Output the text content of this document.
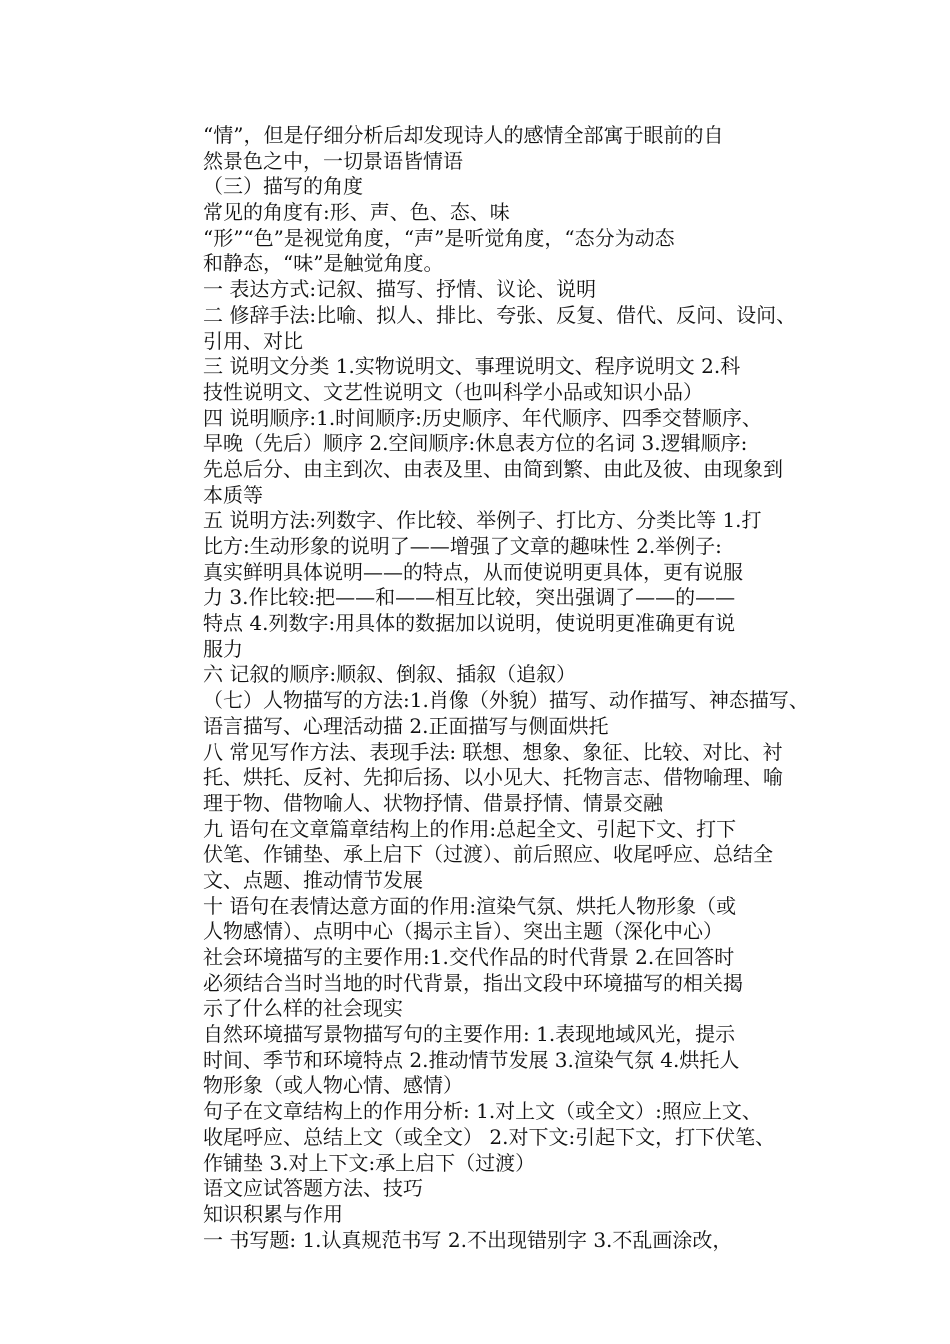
“情”，但是仔细分析后却发现诗人的感情全部寓于眼前的自
然景色之中，一切景语皆情语
（三）描写的角度
常见的角度有:形、声、色、态、味
“形”“色”是视觉角度，“声”是听觉角度，“态分为动态
和静态，“味”是触觉角度。
一 表达方式:记叙、描写、抒情、议论、说明
二 修辞手法:比喻、拟人、排比、夸张、反复、借代、反问、设问、
引用、对比
三 说明文分类 1.实物说明文、事理说明文、程序说明文 2.科
技性说明文、文艺性说明文（也叫科学小品或知识小品）
四 说明顺序:1.时间顺序:历史顺序、年代顺序、四季交替顺序、
早晚（先后）顺序 2.空间顺序:休息表方位的名词 3.逻辑顺序:
先总后分、由主到次、由表及里、由简到繁、由此及彼、由现象到
本质等
五 说明方法:列数字、作比较、举例子、打比方、分类比等 1.打
比方:生动形象的说明了——增强了文章的趣味性 2.举例子:
真实鲜明具体说明——的特点，从而使说明更具体，更有说服
力 3.作比较:把——和——相互比较，突出强调了——的——
特点 4.列数字:用具体的数据加以说明，使说明更准确更有说
服力
六 记叙的顺序:顺叙、倒叙、插叙（追叙）
（七）人物描写的方法:1.肖像（外貌）描写、动作描写、神态描写、
语言描写、心理活动描 2.正面描写与侧面烘托
八 常见写作方法、表现手法: 联想、想象、象征、比较、对比、衬
托、烘托、反衬、先抑后扬、以小见大、托物言志、借物喻理、喻
理于物、借物喻人、状物抒情、借景抒情、情景交融
九 语句在文章篇章结构上的作用:总起全文、引起下文、打下
伏笔、作铺垫、承上启下（过渡）、前后照应、收尾呼应、总结全
文、点题、推动情节发展
十 语句在表情达意方面的作用:渲染气氛、烘托人物形象（或
人物感情）、点明中心（揭示主旨）、突出主题（深化中心）
社会环境描写的主要作用:1.交代作品的时代背景 2.在回答时
必须结合当时当地的时代背景，指出文段中环境描写的相关揭
示了什么样的社会现实
自然环境描写景物描写句的主要作用: 1.表现地域风光，提示
时间、季节和环境特点 2.推动情节发展 3.渲染气氛 4.烘托人
物形象（或人物心情、感情）
句子在文章结构上的作用分析: 1.对上文（或全文）:照应上文、
收尾呼应、总结上文（或全文） 2.对下文:引起下文，打下伏笔、
作铺垫 3.对上下文:承上启下（过渡）
语文应试答题方法、技巧
知识积累与作用
一 书写题: 1.认真规范书写 2.不出现错别字 3.不乱画涂改，
